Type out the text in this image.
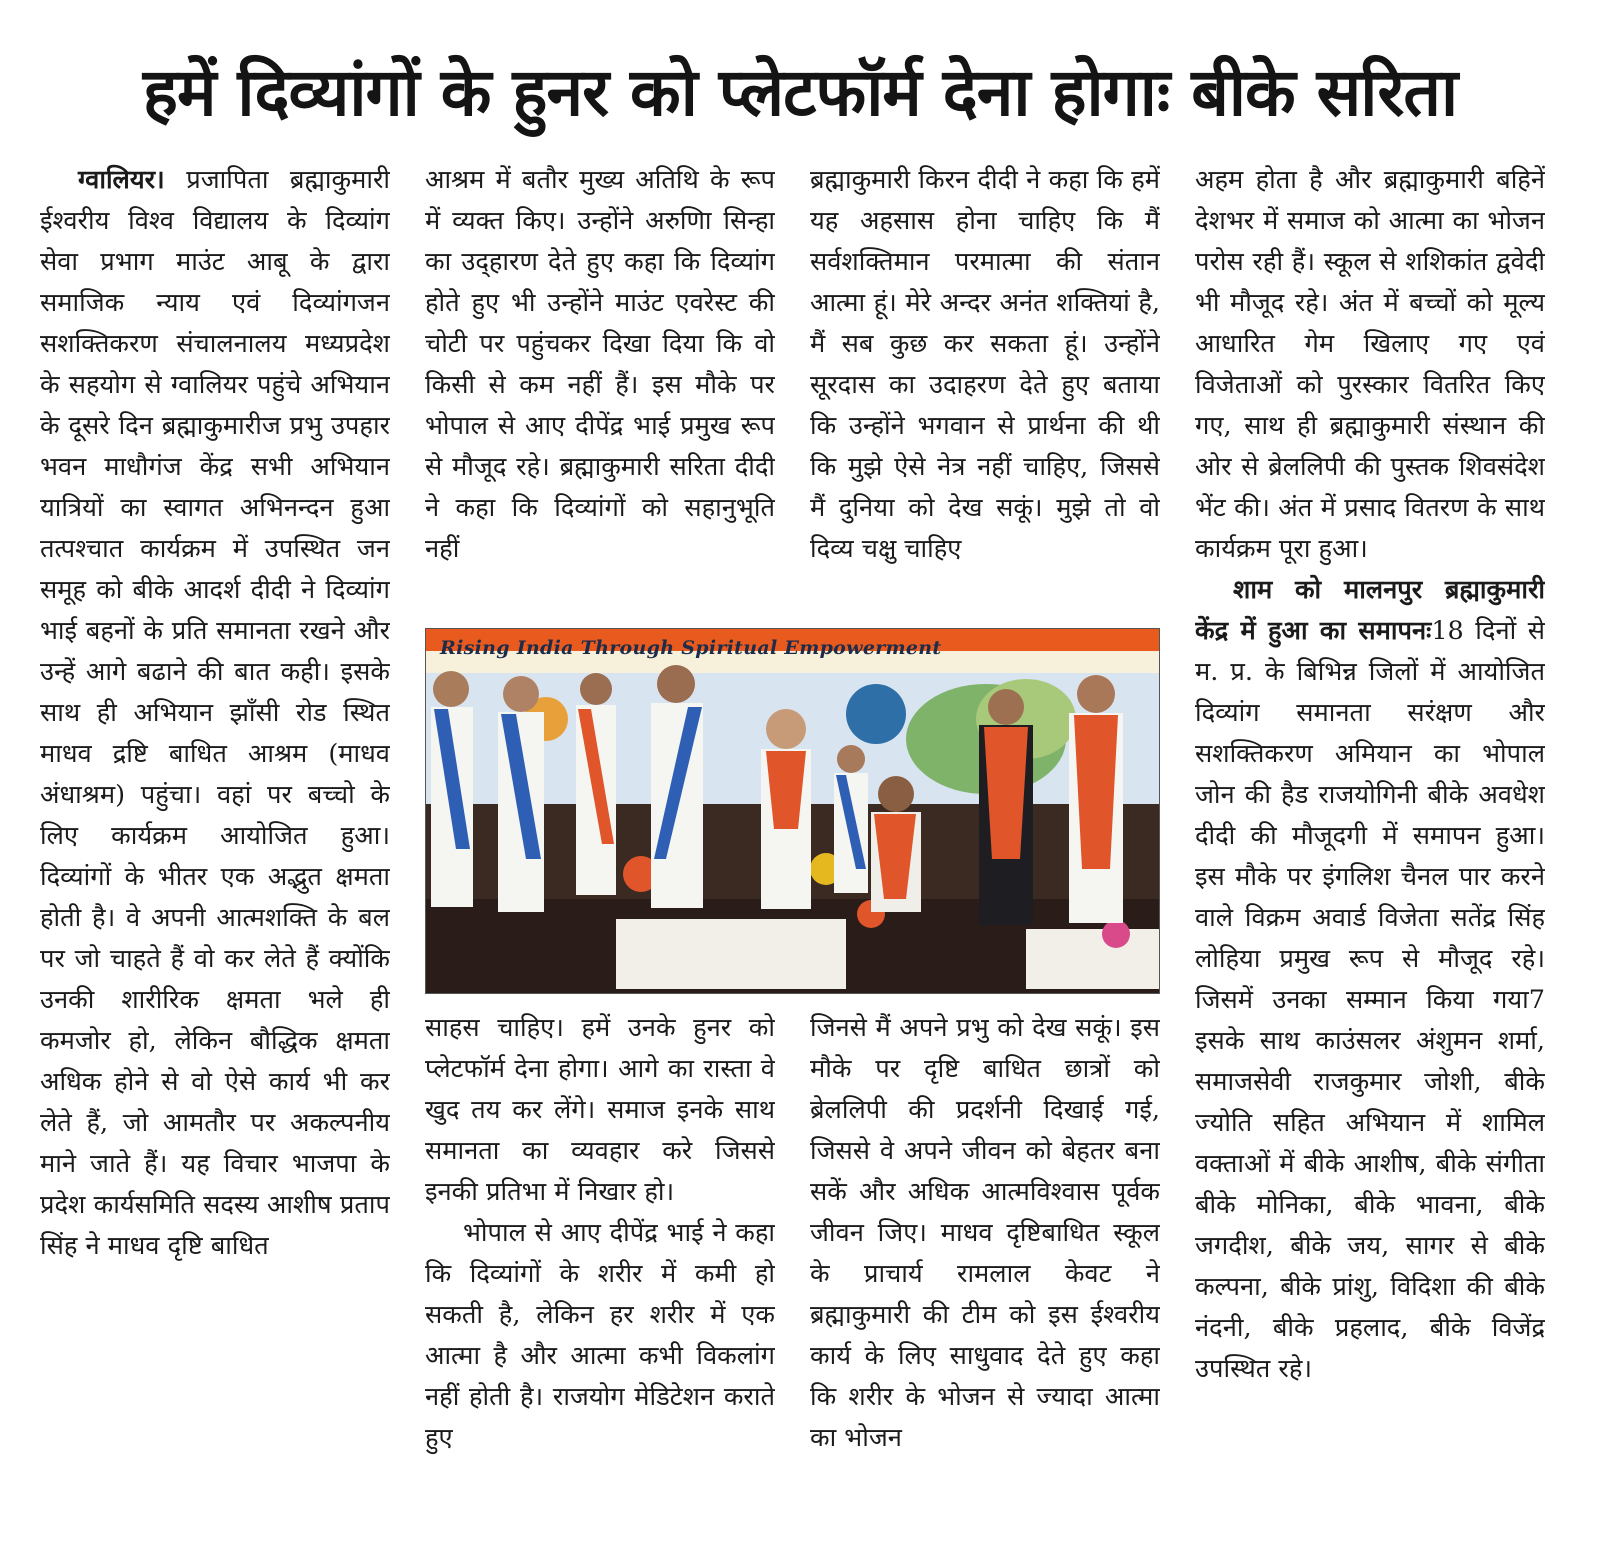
हमें दिव्यांगों के हुनर को प्लेटफॉर्म देना होगाः बीके सरिता

ग्वालियर। प्रजापिता ब्रह्माकुमारी ईश्वरीय विश्व विद्यालय के दिव्यांग सेवा प्रभाग माउंट आबू के द्वारा समाजिक न्याय एवं दिव्यांगजन सशक्तिकरण संचालनालय मध्यप्रदेश के सहयोग से ग्वालियर पहुंचे अभियान के दूसरे दिन ब्रह्माकुमारीज प्रभु उपहार भवन माधौगंज केंद्र सभी अभियान यात्रियों का स्वागत अभिनन्दन हुआ तत्पश्चात कार्यक्रम में उपस्थित जन समूह को बीके आदर्श दीदी ने दिव्यांग भाई बहनों के प्रति समानता रखने और उन्हें आगे बढाने की बात कही। इसके साथ ही अभियान झाँसी रोड स्थित माधव द्रष्टि बाधित आश्रम (माधव अंधाश्रम) पहुंचा। वहां पर बच्चो के लिए कार्यक्रम आयोजित हुआ। दिव्यांगों के भीतर एक अद्भुत क्षमता होती है। वे अपनी आत्मशक्ति के बल पर जो चाहते हैं वो कर लेते हैं क्योंकि उनकी शारीरिक क्षमता भले ही कमजोर हो, लेकिन बौद्धिक क्षमता अधिक होने से वो ऐसे कार्य भी कर लेते हैं, जो आमतौर पर अकल्पनीय माने जाते हैं। यह विचार भाजपा के प्रदेश कार्यसमिति सदस्य आशीष प्रताप सिंह ने माधव दृष्टि बाधित

आश्रम में बतौर मुख्य अतिथि के रूप में व्यक्त किए। उन्होंने अरुणिा सिन्हा का उद्हारण देते हुए कहा कि दिव्यांग होते हुए भी उन्होंने माउंट एवरेस्ट की चोटी पर पहुंचकर दिखा दिया कि वो किसी से कम नहीं हैं। इस मौके पर भोपाल से आए दीपेंद्र भाई प्रमुख रूप से मौजूद रहे। ब्रह्माकुमारी सरिता दीदी ने कहा कि दिव्यांगों को सहानुभूति नहीं

ब्रह्माकुमारी किरन दीदी ने कहा कि हमें यह अहसास होना चाहिए कि मैं सर्वशक्तिमान परमात्मा की संतान आत्मा हूं। मेरे अन्दर अनंत शक्तियां है, मैं सब कुछ कर सकता हूं। उन्होंने सूरदास का उदाहरण देते हुए बताया कि उन्होंने भगवान से प्रार्थना की थी कि मुझे ऐसे नेत्र नहीं चाहिए, जिससे मैं दुनिया को देख सकूं। मुझे तो वो दिव्य चक्षु चाहिए

Rising India Through Spiritual Empowerment

साहस चाहिए। हमें उनके हुनर को प्लेटफॉर्म देना होगा। आगे का रास्ता वे खुद तय कर लेंगे। समाज इनके साथ समानता का व्यवहार करे जिससे इनकी प्रतिभा में निखार हो।

भोपाल से आए दीपेंद्र भाई ने कहा कि दिव्यांगों के शरीर में कमी हो सकती है, लेकिन हर शरीर में एक आत्मा है और आत्मा कभी विकलांग नहीं होती है। राजयोग मेडिटेशन कराते हुए

जिनसे मैं अपने प्रभु को देख सकूं। इस मौके पर दृष्टि बाधित छात्रों को ब्रेललिपी की प्रदर्शनी दिखाई गई, जिससे वे अपने जीवन को बेहतर बना सकें और अधिक आत्मविश्वास पूर्वक जीवन जिए। माधव दृष्टिबाधित स्कूल के प्राचार्य रामलाल केवट ने ब्रह्माकुमारी की टीम को इस ईश्वरीय कार्य के लिए साधुवाद देते हुए कहा कि शरीर के भोजन से ज्यादा आत्मा का भोजन

अहम होता है और ब्रह्माकुमारी बहिनें देशभर में समाज को आत्मा का भोजन परोस रही हैं। स्कूल से शशिकांत द्ववेदी भी मौजूद रहे। अंत में बच्चों को मूल्य आधारित गेम खिलाए गए एवं विजेताओं को पुरस्कार वितरित किए गए, साथ ही ब्रह्माकुमारी संस्थान की ओर से ब्रेललिपी की पुस्तक शिवसंदेश भेंट की। अंत में प्रसाद वितरण के साथ कार्यक्रम पूरा हुआ।

शाम को मालनपुर ब्रह्माकुमारी केंद्र में हुआ का समापनः18 दिनों से म. प्र. के बिभिन्न जिलों में आयोजित दिव्यांग समानता सरंक्षण और सशक्तिकरण अमियान का भोपाल जोन की हैड राजयोगिनी बीके अवधेश दीदी की मौजूदगी में समापन हुआ। इस मौके पर इंगलिश चैनल पार करने वाले विक्रम अवार्ड विजेता सतेंद्र सिंह लोहिया प्रमुख रूप से मौजूद रहे। जिसमें उनका सम्मान किया गया7 इसके साथ काउंसलर अंशुमन शर्मा, समाजसेवी राजकुमार जोशी, बीके ज्योति सहित अभियान में शामिल वक्ताओं में बीके आशीष, बीके संगीता बीके मोनिका, बीके भावना, बीके जगदीश, बीके जय, सागर से बीके कल्पना, बीके प्रांशु, विदिशा की बीके नंदनी, बीके प्रहलाद, बीके विजेंद्र उपस्थित रहे।
